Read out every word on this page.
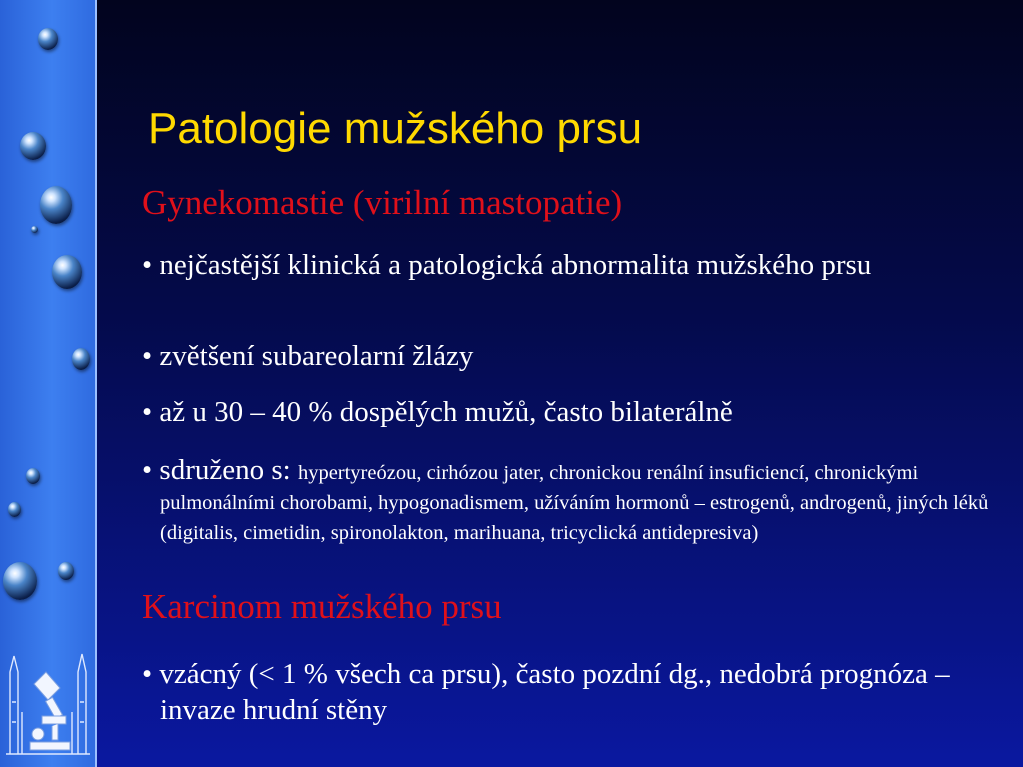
Patologie mužského prsu
Gynekomastie (virilní mastopatie)

• nejčastější klinická a patologická abnormalita mužského prsu

• zvětšení subareolarní žlázy

• až u 30 – 40 % dospělých mužů, často bilaterálně

• sdruženo s: hypertyreózou, cirhózou jater, chronickou renální insuficiencí, chronickými pulmonálními chorobami, hypogonadismem, užíváním hormonů – estrogenů, androgenů, jiných léků (digitalis, cimetidin, spironolakton, marihuana, tricyclická antidepresiva)

Karcinom mužského prsu

• vzácný (< 1 % všech ca prsu), často pozdní dg., nedobrá prognóza – invaze hrudní stěny
